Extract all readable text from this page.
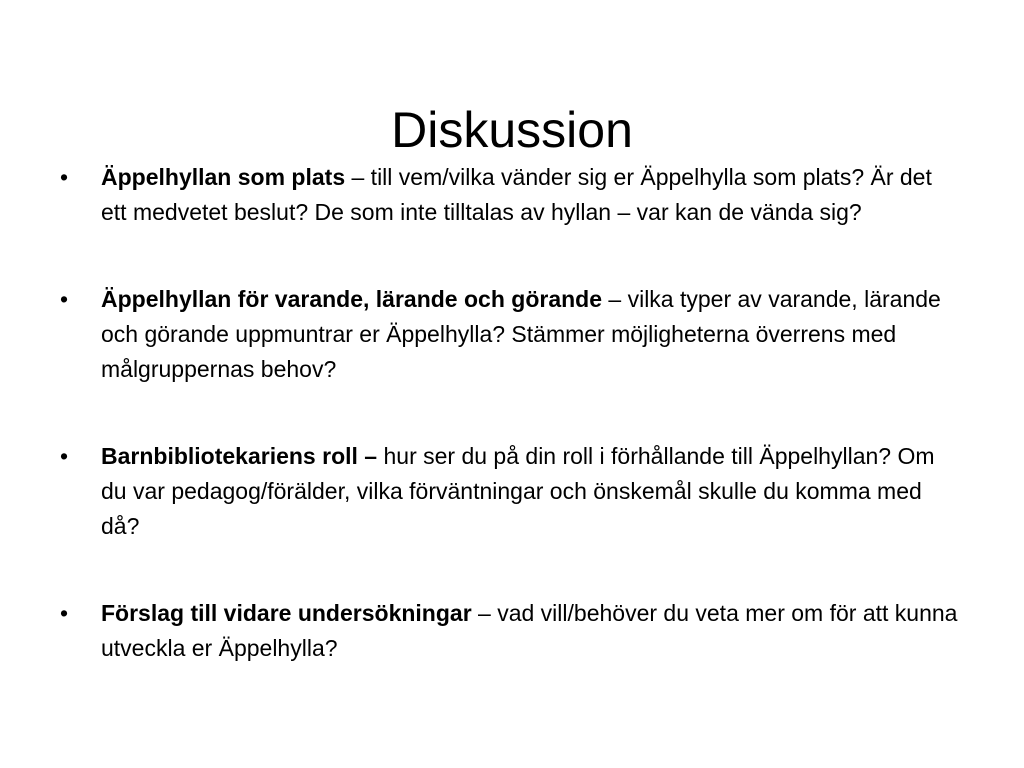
Diskussion
•	Äppelhyllan som plats – till vem/vilka vänder sig er Äppelhylla som plats? Är det ett medvetet beslut? De som inte tilltalas av hyllan – var kan de vända sig?
•	Äppelhyllan för varande, lärande och görande – vilka typer av varande, lärande och görande uppmuntrar er Äppelhylla? Stämmer möjligheterna överrens med målgruppernas behov?
•	Barnbibliotekariens roll – hur ser du på din roll i förhållande till Äppelhyllan? Om du var pedagog/förälder, vilka förväntningar och önskemål skulle du komma med då?
•	Förslag till vidare undersökningar – vad vill/behöver du veta mer om för att kunna utveckla er Äppelhylla?
